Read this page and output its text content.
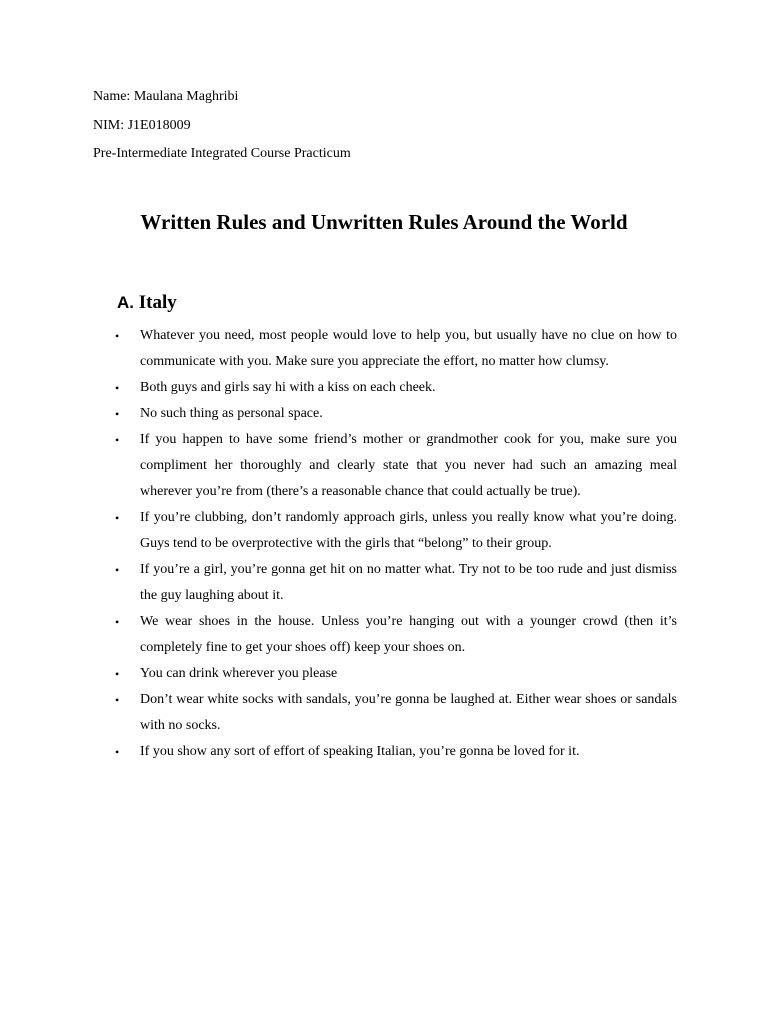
Name: Maulana Maghribi
NIM: J1E018009
Pre-Intermediate Integrated Course Practicum
Written Rules and Unwritten Rules Around the World
A. Italy
• Whatever you need, most people would love to help you, but usually have no clue on how to communicate with you. Make sure you appreciate the effort, no matter how clumsy.
• Both guys and girls say hi with a kiss on each cheek.
• No such thing as personal space.
• If you happen to have some friend’s mother or grandmother cook for you, make sure you compliment her thoroughly and clearly state that you never had such an amazing meal wherever you’re from (there’s a reasonable chance that could actually be true).
• If you’re clubbing, don’t randomly approach girls, unless you really know what you’re doing. Guys tend to be overprotective with the girls that “belong” to their group.
• If you’re a girl, you’re gonna get hit on no matter what. Try not to be too rude and just dismiss the guy laughing about it.
• We wear shoes in the house. Unless you’re hanging out with a younger crowd (then it’s completely fine to get your shoes off) keep your shoes on.
• You can drink wherever you please
• Don’t wear white socks with sandals, you’re gonna be laughed at. Either wear shoes or sandals with no socks.
• If you show any sort of effort of speaking Italian, you’re gonna be loved for it.
